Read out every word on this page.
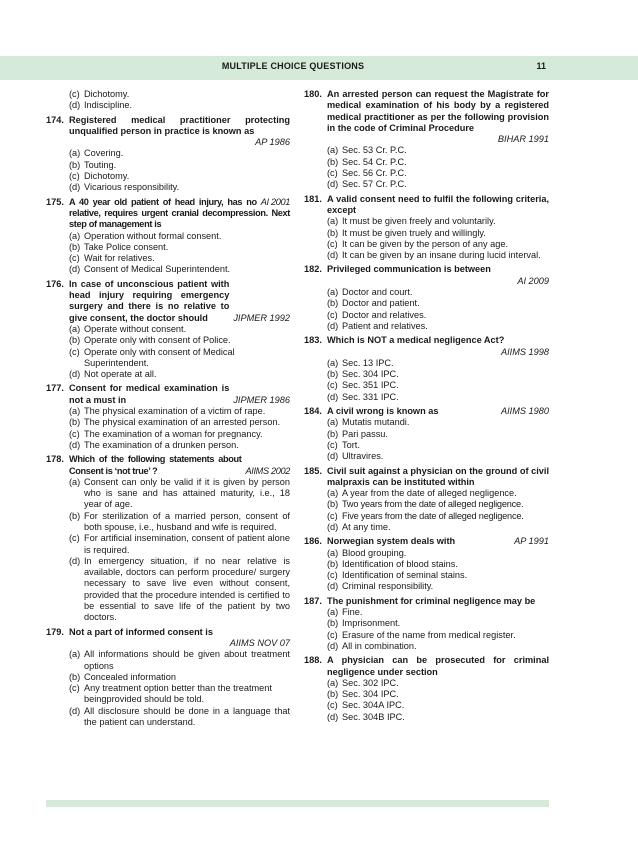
MULTIPLE CHOICE QUESTIONS	11
(c) Dichotomy.
(d) Indiscipline.
174. Registered medical practitioner protecting unqualified person in practice is known as
AP 1986
(a) Covering.
(b) Touting.
(c) Dichotomy.
(d) Vicarious responsibility.
175.	AI 2001
A 40 year old patient of head injury, has no relative, requires urgent cranial decompression. Next step of management is
(a) Operation without formal consent.
(b) Take Police consent.
(c) Wait for relatives.
(d) Consent of Medical Superintendent.
176.
JIPMER 1992
In case of unconscious patient with head injury requiring emergency surgery and there is no relative to give consent, the doctor should
(a) Operate without consent.
(b) Operate only with consent of Police.
(c) Operate only with consent of Medical Superintendent.
(d) Not operate at all.
177.
JIPMER 1986
Consent for medical examination is not a must in
(a) The physical examination of a victim of rape.
(b) The physical examination of an arrested person.
(c) The examination of a woman for pregnancy.
(d) The examination of a drunken person.
178.
AIIMS 2002
Which of the following statements about Consent is ‘not true’ ?
(a) Consent can only be valid if it is given by person who is sane and has attained maturity, i.e., 18 year of age.
(b) For sterilization of a married person, consent of both spouse, i.e., husband and wife is required.
(c) For artificial insemination, consent of patient alone is required.
(d) In emergency situation, if no near relative is available, doctors can perform procedure/ surgery necessary to save live even without consent, provided that the procedure intended is certified to be essential to save life of the patient by two doctors.
179. Not a part of informed consent is
AIIMS NOV 07
(a) All informations should be given about treatment options
(b) Concealed information
(c) Any treatment option better than the treatment beingprovided should be told.
(d) All disclosure should be done in a language that the patient can understand.
180. An arrested person can request the Magistrate for medical examination of his body by a registered medical practitioner as per the following provision in the code of Criminal Procedure
BIHAR 1991
(a) Sec. 53 Cr. P.C.
(b) Sec. 54 Cr. P.C.
(c) Sec. 56 Cr. P.C.
(d) Sec. 57 Cr. P.C.
181. A valid consent need to fulfil the following criteria, except
(a) It must be given freely and voluntarily.
(b) It must be given truely and willingly.
(c) It can be given by the person of any age.
(d) It can be given by an insane during lucid interval.
182. Privileged communication is between
AI 2009
(a) Doctor and court.
(b) Doctor and patient.
(c) Doctor and relatives.
(d) Patient and relatives.
183. Which is NOT a medical negligence Act?
AIIMS 1998
(a) Sec. 13 IPC.
(b) Sec. 304 IPC.
(c) Sec. 351 IPC.
(d) Sec. 331 IPC.
184.	AIIMS 1980
A civil wrong is known as
(a) Mutatis mutandi.
(b) Pari passu.
(c) Tort.
(d) Ultravires.
185. Civil suit against a physician on the ground of civil malpraxis can be instituted within
(a) A year from the date of alleged negligence.
(b) Two years from the date of alleged negligence.
(c) Five years from the date of alleged negligence.
(d) At any time.
186.	AP 1991
Norwegian system deals with
(a) Blood grouping.
(b) Identification of blood stains.
(c) Identification of seminal stains.
(d) Criminal responsibility.
187. The punishment for criminal negligence may be
(a) Fine.
(b) Imprisonment.
(c) Erasure of the name from medical register.
(d) All in combination.
188. A physician can be prosecuted for criminal negligence under section
(a) Sec. 302 IPC.
(b) Sec. 304 IPC.
(c) Sec. 304A IPC.
(d) Sec. 304B IPC.
